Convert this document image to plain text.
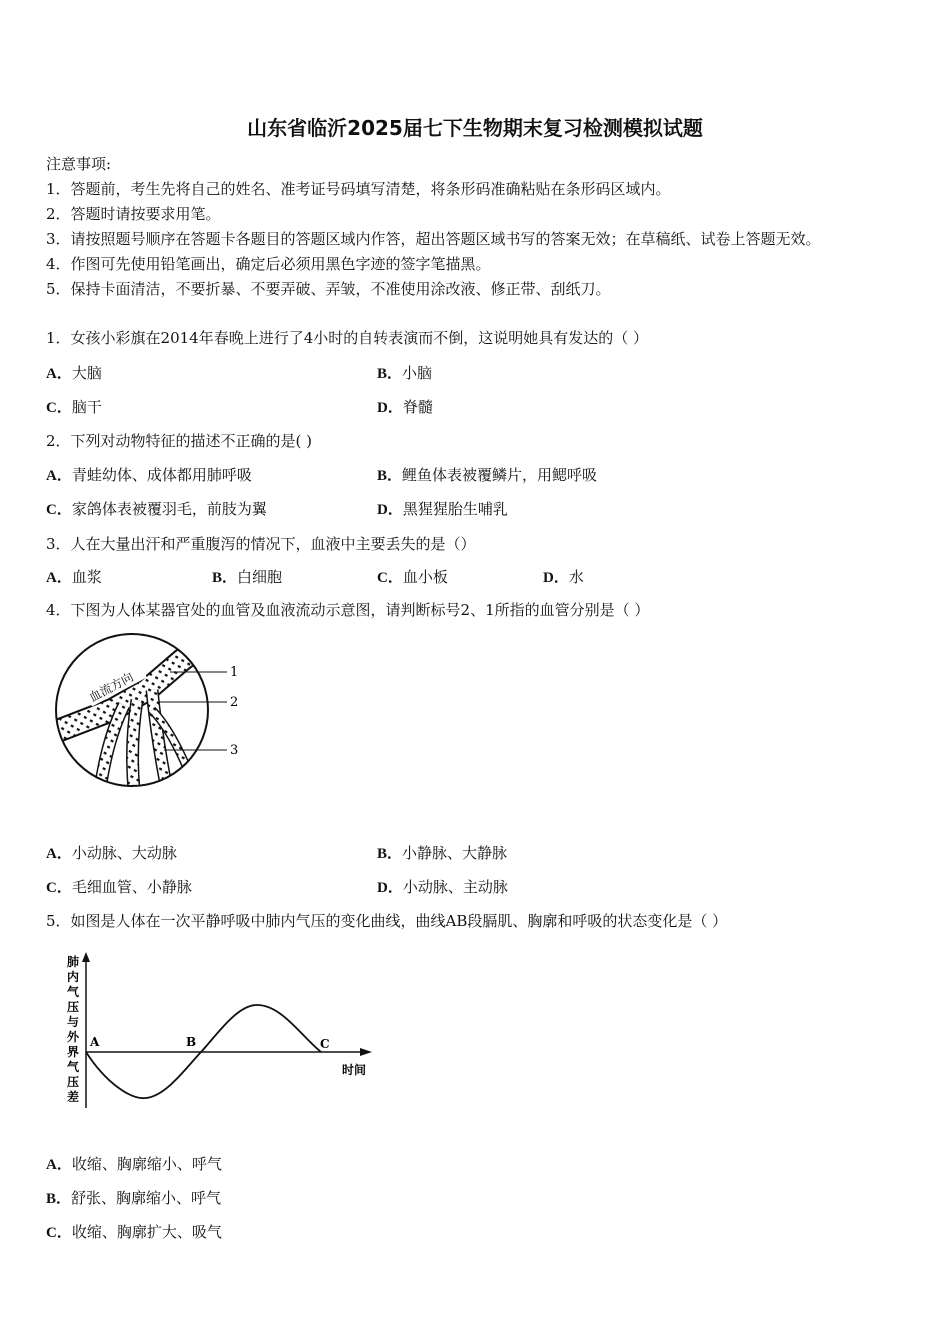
山东省临沂2025届七下生物期末复习检测模拟试题
注意事项:
1．答题前，考生先将自己的姓名、准考证号码填写清楚，将条形码准确粘贴在条形码区域内。
2．答题时请按要求用笔。
3．请按照题号顺序在答题卡各题目的答题区域内作答，超出答题区域书写的答案无效；在草稿纸、试卷上答题无效。
4．作图可先使用铅笔画出，确定后必须用黑色字迹的签字笔描黑。
5．保持卡面清洁，不要折暴、不要弄破、弄皱，不准使用涂改液、修正带、刮纸刀。
1．女孩小彩旗在2014年春晚上进行了4小时的自转表演而不倒，这说明她具有发达的（ ）
A．大脑	B．小脑
C．脑干	D．脊髓
2．下列对动物特征的描述不正确的是( )
A．青蛙幼体、成体都用肺呼吸	B．鲤鱼体表被覆鳞片，用鳃呼吸
C．家鸽体表被覆羽毛，前肢为翼	D．黑猩猩胎生哺乳
3．人在大量出汗和严重腹泻的情况下，血液中主要丢失的是（）
A．血浆	B．白细胞	C．血小板	D．水
4．下图为人体某器官处的血管及血液流动示意图，请判断标号2、1所指的血管分别是（ ）
血流方向	1
2
3
A．小动脉、大动脉	B．小静脉、大静脉
C．毛细血管、小静脉	D．小动脉、主动脉
5．如图是人体在一次平静呼吸中肺内气压的变化曲线，曲线AB段膈肌、胸廓和呼吸的状态变化是（ ）
肺内气压与外界气压差
时间
A	B	C
A．收缩、胸廓缩小、呼气
B．舒张、胸廓缩小、呼气
C．收缩、胸廓扩大、吸气
